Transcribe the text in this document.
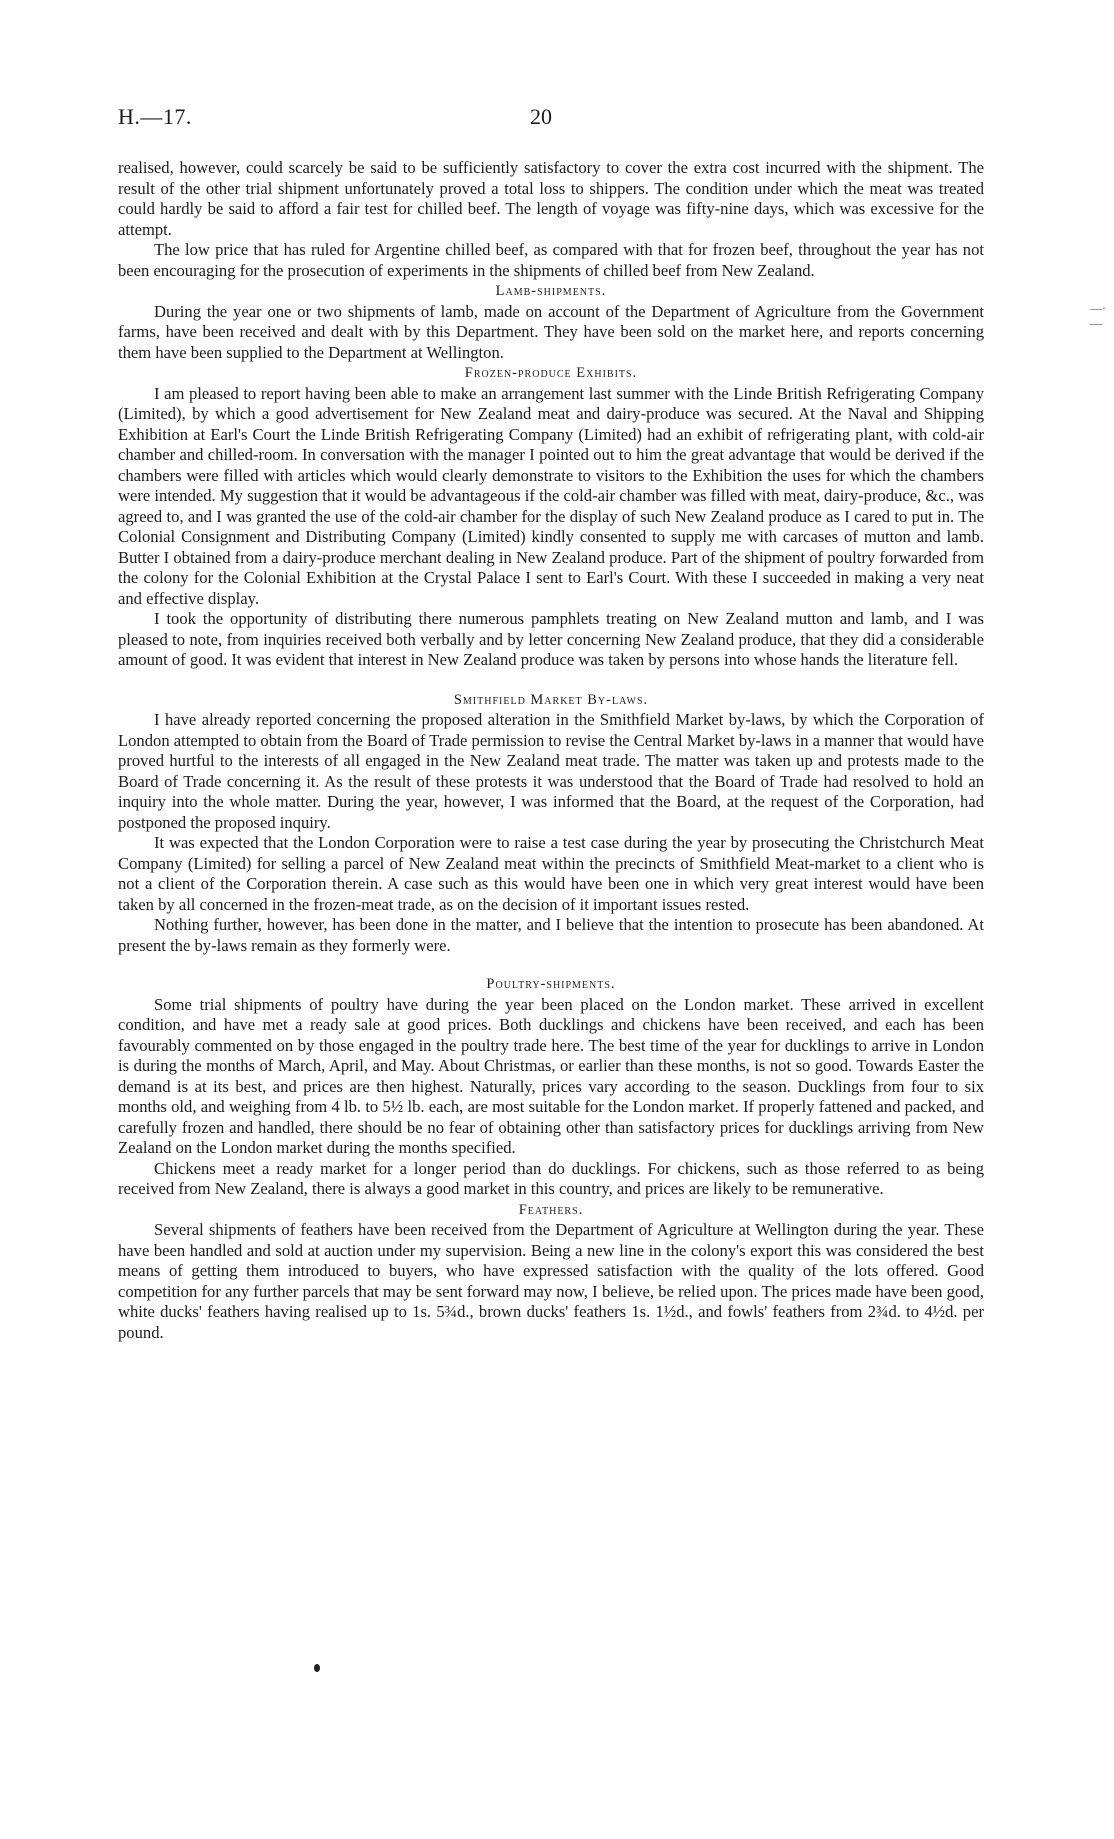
H.—17.	20
—·—

realised, however, could scarcely be said to be sufficiently satisfactory to cover the extra cost incurred with the shipment. The result of the other trial shipment unfortunately proved a total loss to shippers. The condition under which the meat was treated could hardly be said to afford a fair test for chilled beef. The length of voyage was fifty-nine days, which was excessive for the attempt.

The low price that has ruled for Argentine chilled beef, as compared with that for frozen beef, throughout the year has not been encouraging for the prosecution of experiments in the shipments of chilled beef from New Zealand.

Lamb-shipments.

During the year one or two shipments of lamb, made on account of the Department of Agriculture from the Government farms, have been received and dealt with by this Department. They have been sold on the market here, and reports concerning them have been supplied to the Department at Wellington.

Frozen-produce Exhibits.

I am pleased to report having been able to make an arrangement last summer with the Linde British Refrigerating Company (Limited), by which a good advertisement for New Zealand meat and dairy-produce was secured. At the Naval and Shipping Exhibition at Earl's Court the Linde British Refrigerating Company (Limited) had an exhibit of refrigerating plant, with cold-air chamber and chilled-room. In conversation with the manager I pointed out to him the great advantage that would be derived if the chambers were filled with articles which would clearly demonstrate to visitors to the Exhibition the uses for which the chambers were intended. My suggestion that it would be advantageous if the cold-air chamber was filled with meat, dairy-produce, &c., was agreed to, and I was granted the use of the cold-air chamber for the display of such New Zealand produce as I cared to put in. The Colonial Consignment and Distributing Company (Limited) kindly consented to supply me with carcases of mutton and lamb. Butter I obtained from a dairy-produce merchant dealing in New Zealand produce. Part of the shipment of poultry forwarded from the colony for the Colonial Exhibition at the Crystal Palace I sent to Earl's Court. With these I succeeded in making a very neat and effective display.

I took the opportunity of distributing there numerous pamphlets treating on New Zealand mutton and lamb, and I was pleased to note, from inquiries received both verbally and by letter concerning New Zealand produce, that they did a considerable amount of good. It was evident that interest in New Zealand produce was taken by persons into whose hands the literature fell.

Smithfield Market By-laws.

I have already reported concerning the proposed alteration in the Smithfield Market by-laws, by which the Corporation of London attempted to obtain from the Board of Trade permission to revise the Central Market by-laws in a manner that would have proved hurtful to the interests of all engaged in the New Zealand meat trade. The matter was taken up and protests made to the Board of Trade concerning it. As the result of these protests it was understood that the Board of Trade had resolved to hold an inquiry into the whole matter. During the year, however, I was informed that the Board, at the request of the Corporation, had postponed the proposed inquiry.

It was expected that the London Corporation were to raise a test case during the year by prosecuting the Christchurch Meat Company (Limited) for selling a parcel of New Zealand meat within the precincts of Smithfield Meat-market to a client who is not a client of the Corporation therein. A case such as this would have been one in which very great interest would have been taken by all concerned in the frozen-meat trade, as on the decision of it important issues rested.

Nothing further, however, has been done in the matter, and I believe that the intention to prosecute has been abandoned. At present the by-laws remain as they formerly were.

Poultry-shipments.

Some trial shipments of poultry have during the year been placed on the London market. These arrived in excellent condition, and have met a ready sale at good prices. Both ducklings and chickens have been received, and each has been favourably commented on by those engaged in the poultry trade here. The best time of the year for ducklings to arrive in London is during the months of March, April, and May. About Christmas, or earlier than these months, is not so good. Towards Easter the demand is at its best, and prices are then highest. Naturally, prices vary according to the season. Ducklings from four to six months old, and weighing from 4 lb. to 5½ lb. each, are most suitable for the London market. If properly fattened and packed, and carefully frozen and handled, there should be no fear of obtaining other than satisfactory prices for ducklings arriving from New Zealand on the London market during the months specified.

Chickens meet a ready market for a longer period than do ducklings. For chickens, such as those referred to as being received from New Zealand, there is always a good market in this country, and prices are likely to be remunerative.

Feathers.

Several shipments of feathers have been received from the Department of Agriculture at Wellington during the year. These have been handled and sold at auction under my supervision. Being a new line in the colony's export this was considered the best means of getting them introduced to buyers, who have expressed satisfaction with the quality of the lots offered. Good competition for any further parcels that may be sent forward may now, I believe, be relied upon. The prices made have been good, white ducks' feathers having realised up to 1s. 5¾d., brown ducks' feathers 1s. 1½d., and fowls' feathers from 2¾d. to 4½d. per pound.
